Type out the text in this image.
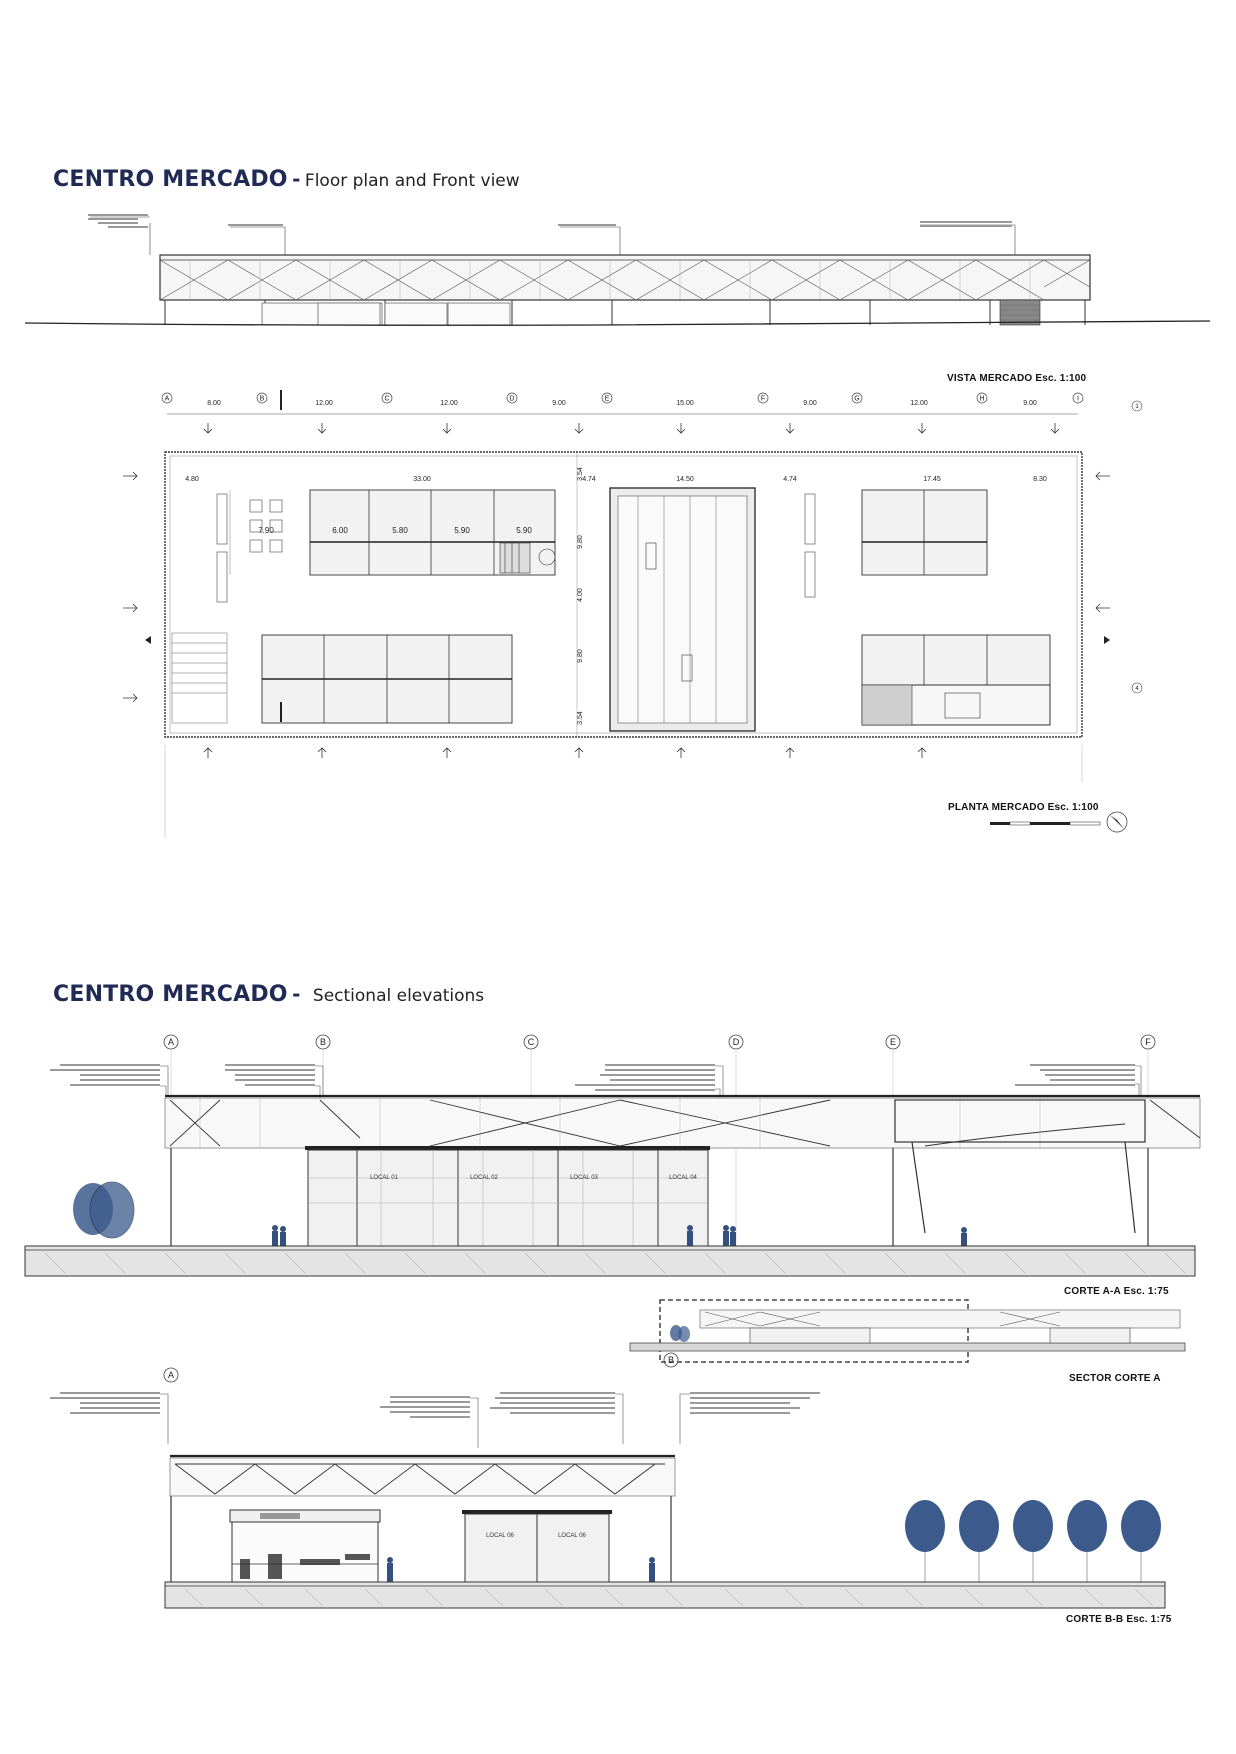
CENTRO MERCADO - Floor plan and Front view
VISTA MERCADO Esc. 1:100
A	B	C	D	E	F	G	H	I
8.00	12.00	12.00	9.00	15.00	9.00	12.00	9.00
4.80	33.00	4.74	14.50	4.74	17.45	8.30
3.54
9.80
4.00
9.80
3.54
7.90	6.00	5.80	5.90	5.90
1
4
PLANTA MERCADO Esc. 1:100
CENTRO MERCADO - Sectional elevations
A	B	C	D	E	F
LOCAL 01	LOCAL 02	LOCAL 03	LOCAL 04
CORTE A-A Esc. 1:75
SECTOR CORTE A
A
B
LOCAL 06	LOCAL 06
CORTE B-B Esc. 1:75
